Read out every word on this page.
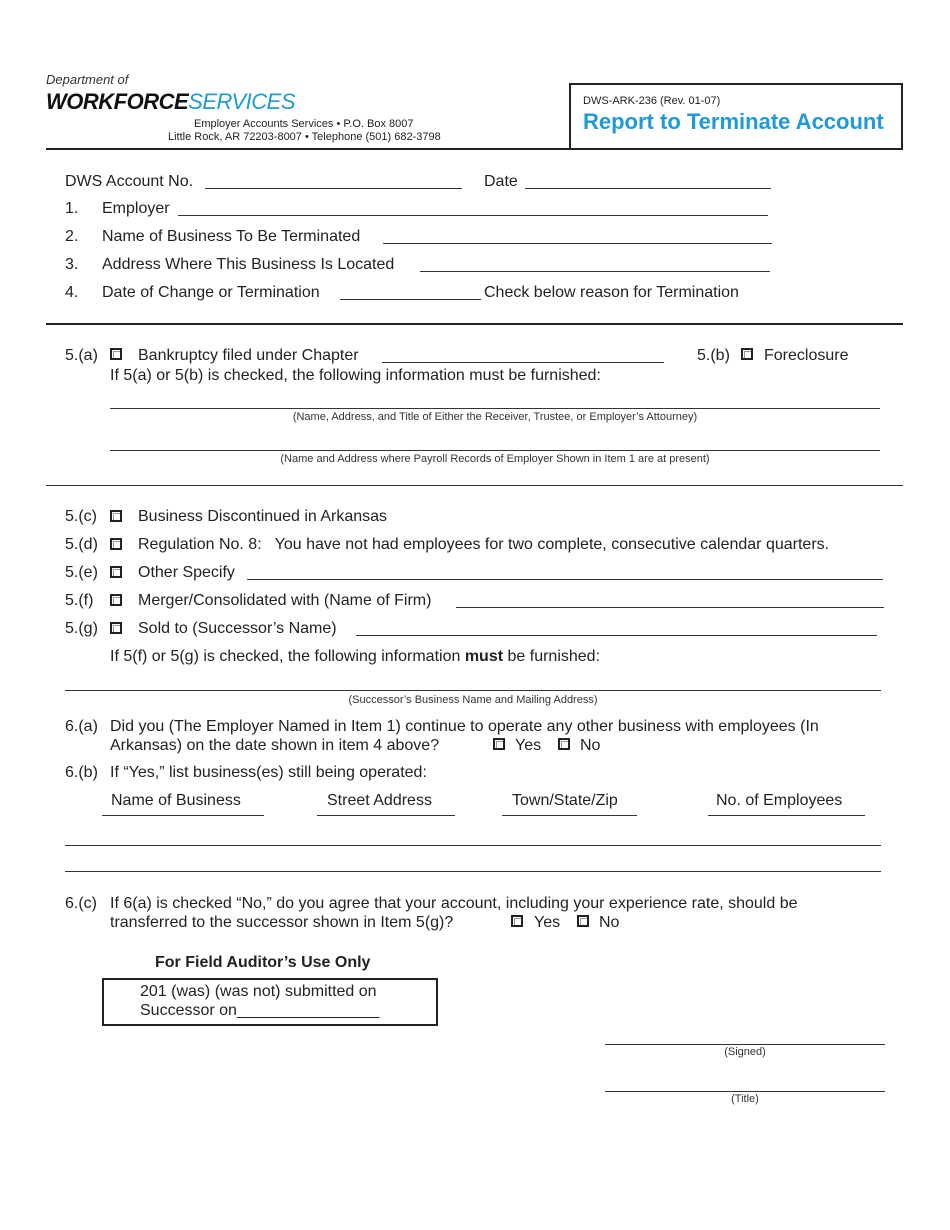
Department of
WORKFORCESERVICES
Employer Accounts Services • P.O. Box 8007
Little Rock, AR 72203-8007 • Telephone (501) 682-3798
DWS-ARK-236 (Rev. 01-07)
Report to Terminate Account
DWS Account No.	Date
1. Employer
2. Name of Business To Be Terminated
3. Address Where This Business Is Located
4. Date of Change or Termination	Check below reason for Termination
5.(a)	Bankruptcy filed under Chapter	5.(b) Foreclosure
If 5(a) or 5(b) is checked, the following information must be furnished:
(Name, Address, and Title of Either the Receiver, Trustee, or Employer’s Attourney)
(Name and Address where Payroll Records of Employer Shown in Item 1 are at present)
5.(c)	Business Discontinued in Arkansas
5.(d)	Regulation No. 8:   You have not had employees for two complete, consecutive calendar quarters.
5.(e)	Other Specify
5.(f)	Merger/Consolidated with (Name of Firm)
5.(g)	Sold to (Successor’s Name)
If 5(f) or 5(g) is checked, the following information must be furnished:
(Successor’s Business Name and Mailing Address)
6.(a) Did you (The Employer Named in Item 1) continue to operate any other business with employees (In
Arkansas) on the date shown in item 4 above?	Yes No
6.(b) If “Yes,” list business(es) still being operated:
Name of Business	Street Address	Town/State/Zip	No. of Employees
6.(c) If 6(a) is checked “No,” do you agree that your account, including your experience rate, should be
transferred to the successor shown in Item 5(g)?	Yes No
For Field Auditor’s Use Only
201 (was) (was not) submitted on
Successor on________________
(Signed)
(Title)
